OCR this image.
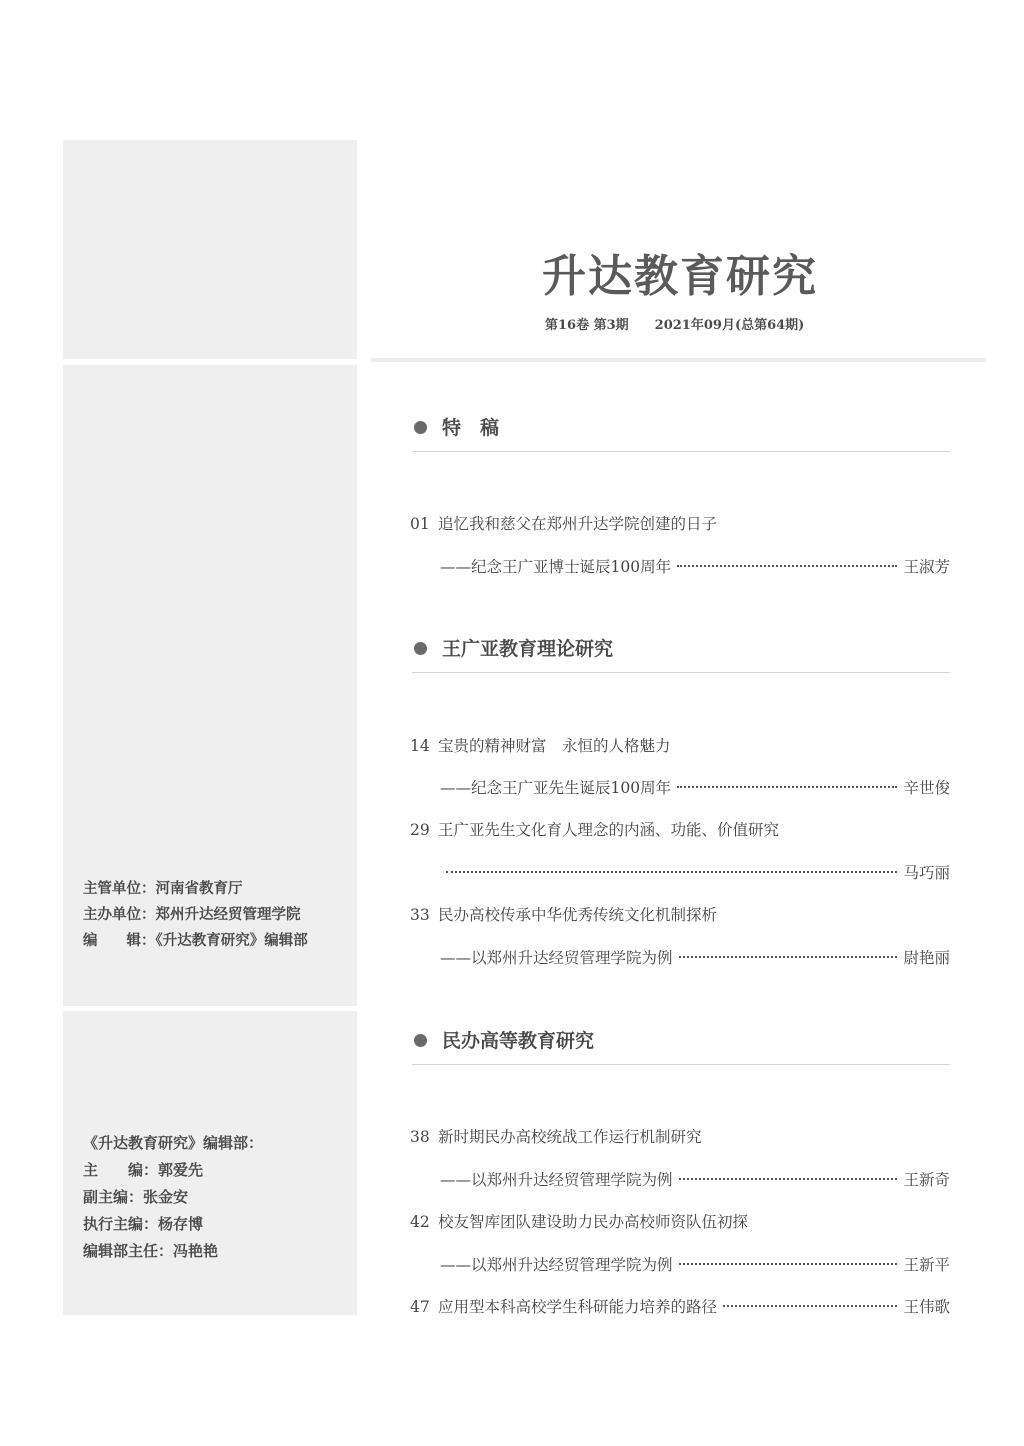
主管单位：河南省教育厅
主办单位：郑州升达经贸管理学院
编　　辑：《升达教育研究》编辑部
《升达教育研究》编辑部：
主　　编：郭爱先
副主编：张金安
执行主编：杨存博
编辑部主任：冯艳艳
升达教育研究
第16卷 第3期 2021年09月(总第64期)
特　稿
01 追忆我和慈父在郑州升达学院创建的日子
——纪念王广亚博士诞辰100周年	王淑芳
王广亚教育理论研究
14 宝贵的精神财富　永恒的人格魅力
——纪念王广亚先生诞辰100周年	辛世俊
29 王广亚先生文化育人理念的内涵、功能、价值研究
马巧丽
33 民办高校传承中华优秀传统文化机制探析
——以郑州升达经贸管理学院为例	尉艳丽
民办高等教育研究
38 新时期民办高校统战工作运行机制研究
——以郑州升达经贸管理学院为例	王新奇
42 校友智库团队建设助力民办高校师资队伍初探
——以郑州升达经贸管理学院为例	王新平
47 应用型本科高校学生科研能力培养的路径	王伟歌
